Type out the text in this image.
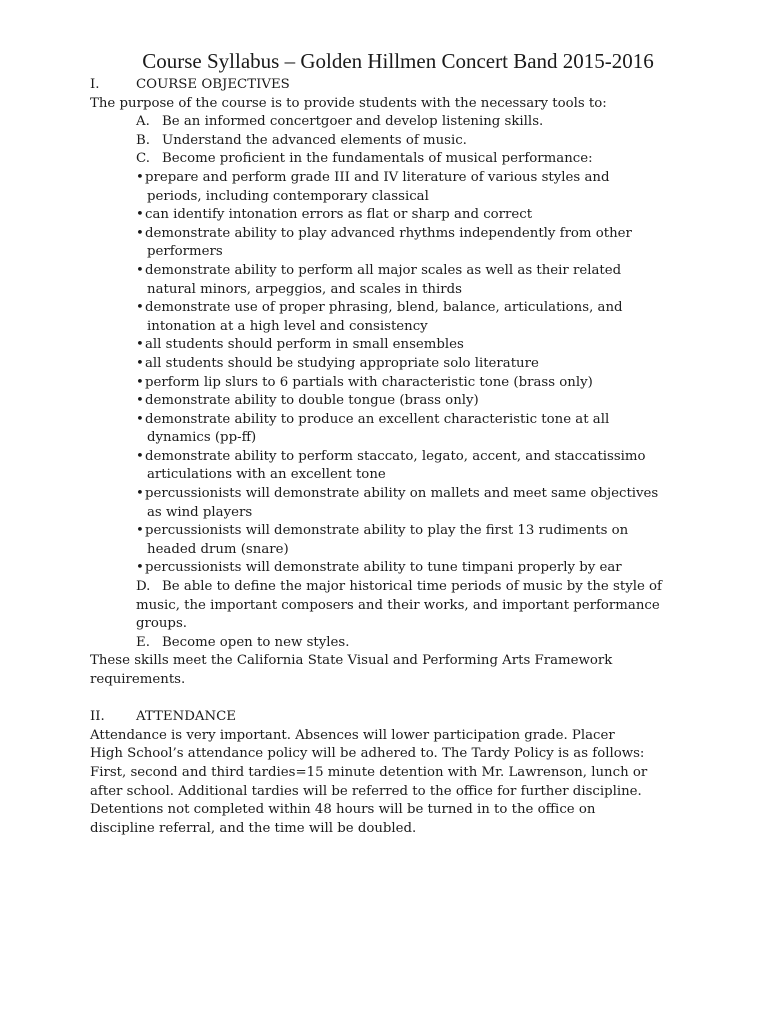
Course Syllabus – Golden Hillmen Concert Band 2015-2016
I.	COURSE OBJECTIVES
The purpose of the course is to provide students with the necessary tools to:
A. Be an informed concertgoer and develop listening skills.
B. Understand the advanced elements of music.
C. Become proficient in the fundamentals of musical performance:
• prepare and perform grade III and IV literature of various styles and
periods, including contemporary classical
• can identify intonation errors as flat or sharp and correct
• demonstrate ability to play advanced rhythms independently from other
performers
• demonstrate ability to perform all major scales as well as their related
natural minors, arpeggios, and scales in thirds
• demonstrate use of proper phrasing, blend, balance, articulations, and
intonation at a high level and consistency
• all students should perform in small ensembles
• all students should be studying appropriate solo literature
• perform lip slurs to 6 partials with characteristic tone (brass only)
• demonstrate ability to double tongue (brass only)
• demonstrate ability to produce an excellent characteristic tone at all
dynamics (pp-ff)
• demonstrate ability to perform staccato, legato, accent, and staccatissimo
articulations with an excellent tone
• percussionists will demonstrate ability on mallets and meet same objectives
as wind players
• percussionists will demonstrate ability to play the first 13 rudiments on
headed drum (snare)
• percussionists will demonstrate ability to tune timpani properly by ear
D. Be able to define the major historical time periods of music by the style of
music, the important composers and their works, and important performance
groups.
E. Become open to new styles.
These skills meet the California State Visual and Performing Arts Framework
requirements.
II.	ATTENDANCE
Attendance is very important. Absences will lower participation grade. Placer
High School’s attendance policy will be adhered to. The Tardy Policy is as follows:
First, second and third tardies=15 minute detention with Mr. Lawrenson, lunch or
after school. Additional tardies will be referred to the office for further discipline.
Detentions not completed within 48 hours will be turned in to the office on
discipline referral, and the time will be doubled.
